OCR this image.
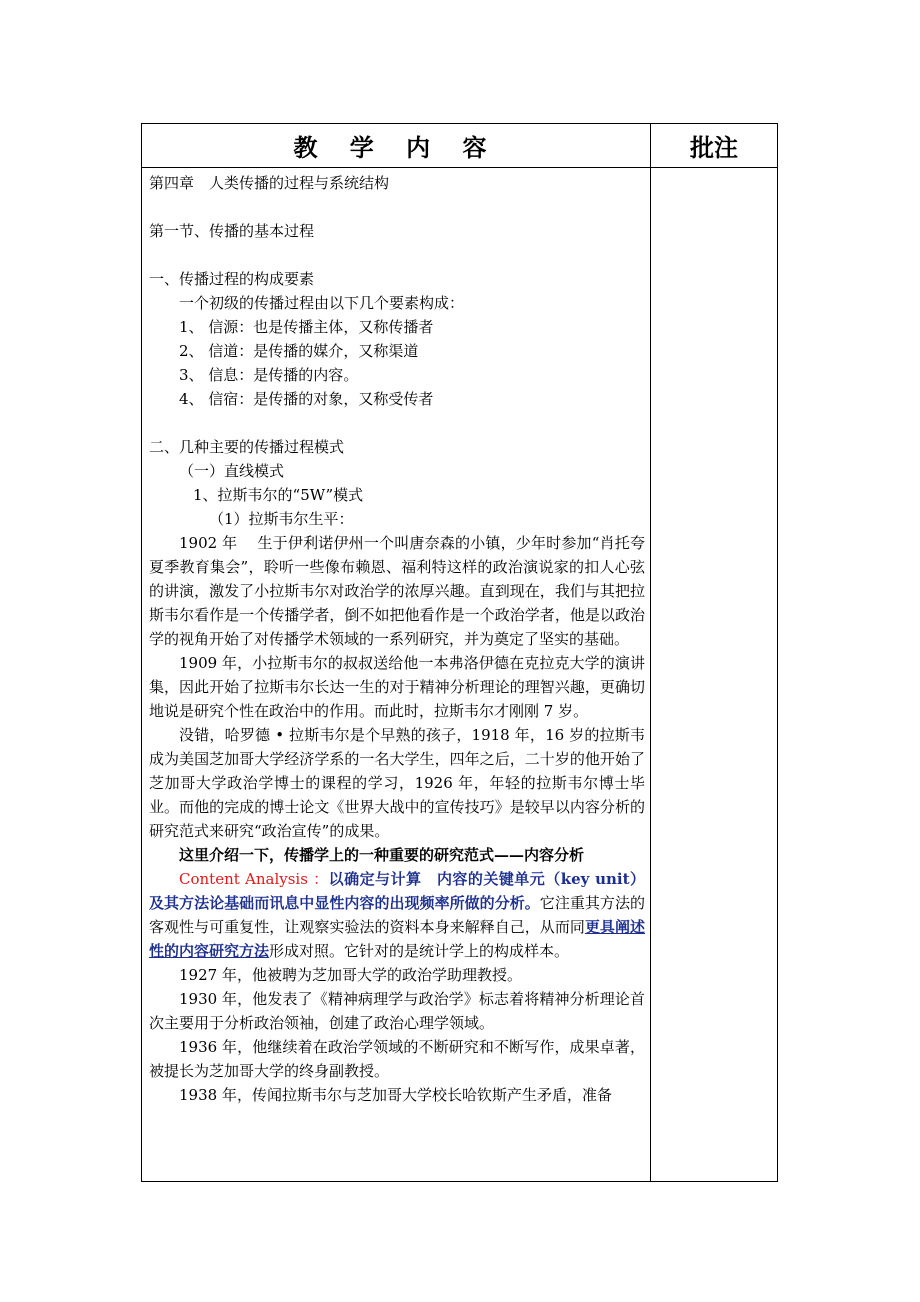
教 学 内 容	批注

第四章　人类传播的过程与系统结构

第一节、传播的基本过程

一、传播过程的构成要素

一个初级的传播过程由以下几个要素构成：

1、 信源：也是传播主体，又称传播者

2、 信道：是传播的媒介，又称渠道

3、 信息：是传播的内容。

4、 信宿：是传播的对象，又称受传者

二、几种主要的传播过程模式

（一）直线模式

1、拉斯韦尔的“5W”模式

（1）拉斯韦尔生平：

1902 年　 生于伊利诺伊州一个叫唐奈森的小镇，少年时参加“肖托夸夏季教育集会”，聆听一些像布赖恩、福利特这样的政治演说家的扣人心弦的讲演，激发了小拉斯韦尔对政治学的浓厚兴趣。直到现在，我们与其把拉斯韦尔看作是一个传播学者，倒不如把他看作是一个政治学者，他是以政治学的视角开始了对传播学术领域的一系列研究，并为奠定了坚实的基础。

1909 年，小拉斯韦尔的叔叔送给他一本弗洛伊德在克拉克大学的演讲集，因此开始了拉斯韦尔长达一生的对于精神分析理论的理智兴趣，更确切地说是研究个性在政治中的作用。而此时，拉斯韦尔才刚刚 7 岁。

没错，哈罗德 • 拉斯韦尔是个早熟的孩子，1918 年，16 岁的拉斯韦成为美国芝加哥大学经济学系的一名大学生，四年之后，二十岁的他开始了芝加哥大学政治学博士的课程的学习，1926 年，年轻的拉斯韦尔博士毕业。而他的完成的博士论文《世界大战中的宣传技巧》是较早以内容分析的研究范式来研究“政治宣传”的成果。

这里介绍一下，传播学上的一种重要的研究范式——内容分析

Content Analysis ：以确定与计算　内容的关键单元（key unit）及其方法论基础而讯息中显性内容的出现频率所做的分析。它注重其方法的客观性与可重复性，让观察实验法的资料本身来解释自己，从而同更具阐述性的内容研究方法形成对照。它针对的是统计学上的构成样本。

1927 年，他被聘为芝加哥大学的政治学助理教授。

1930 年，他发表了《精神病理学与政治学》标志着将精神分析理论首次主要用于分析政治领袖，创建了政治心理学领域。

1936 年，他继续着在政治学领域的不断研究和不断写作，成果卓著，被提长为芝加哥大学的终身副教授。

1938 年，传闻拉斯韦尔与芝加哥大学校长哈钦斯产生矛盾，准备
